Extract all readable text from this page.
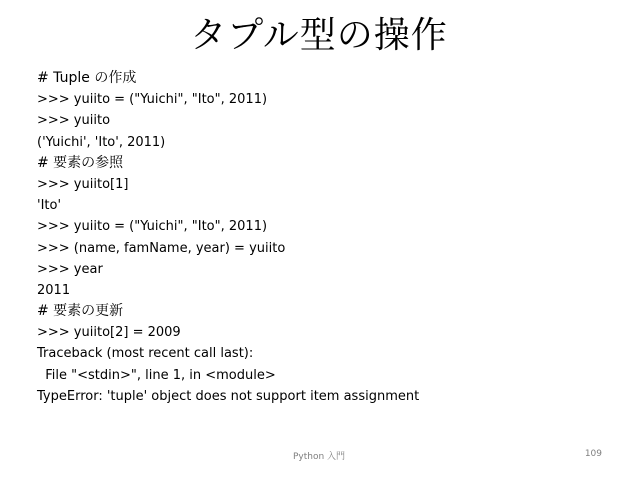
タプル型の操作
# Tuple の作成
>>> yuiito = ("Yuichi", "Ito", 2011)
>>> yuiito
('Yuichi', 'Ito', 2011)
# 要素の参照
>>> yuiito[1]
'Ito'
>>> yuiito = ("Yuichi", "Ito", 2011)
>>> (name, famName, year) = yuiito
>>> year
2011
# 要素の更新
>>> yuiito[2] = 2009
Traceback (most recent call last):
File "<stdin>", line 1, in <module>
TypeError: 'tuple' object does not support item assignment
Python 入門	109
